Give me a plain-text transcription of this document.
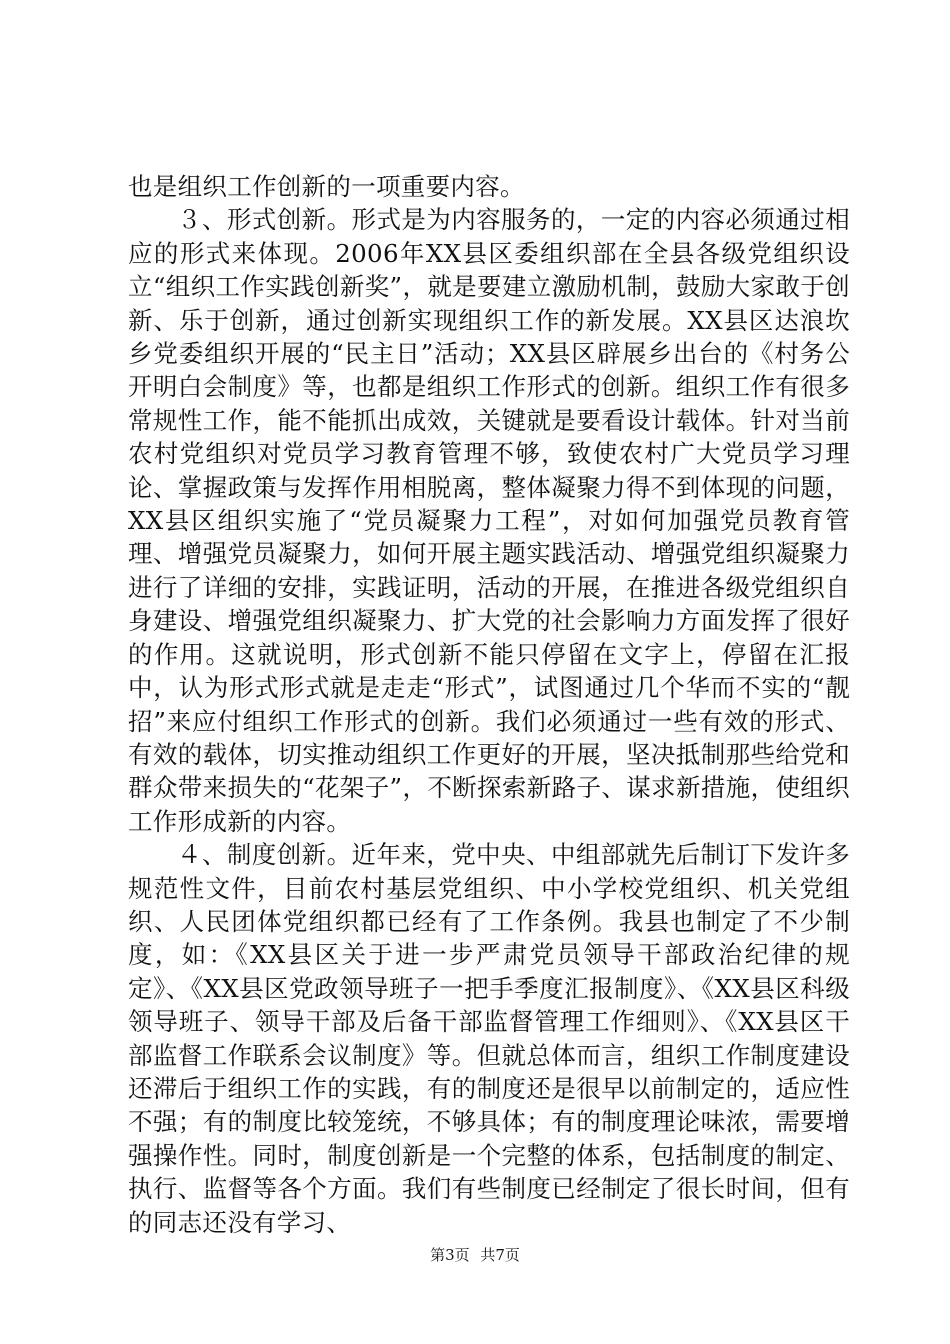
也是组织工作创新的一项重要内容。

３、形式创新。形式是为内容服务的，一定的内容必须通过相应的形式来体现。2006年XX县区委组织部在全县各级党组织设立“组织工作实践创新奖”，就是要建立激励机制，鼓励大家敢于创新、乐于创新，通过创新实现组织工作的新发展。XX县区达浪坎乡党委组织开展的“民主日”活动；XX县区辟展乡出台的《村务公开明白会制度》等，也都是组织工作形式的创新。组织工作有很多常规性工作，能不能抓出成效，关键就是要看设计载体。针对当前农村党组织对党员学习教育管理不够，致使农村广大党员学习理论、掌握政策与发挥作用相脱离，整体凝聚力得不到体现的问题，XX县区组织实施了“党员凝聚力工程”，对如何加强党员教育管理、增强党员凝聚力，如何开展主题实践活动、增强党组织凝聚力进行了详细的安排，实践证明，活动的开展，在推进各级党组织自身建设、增强党组织凝聚力、扩大党的社会影响力方面发挥了很好的作用。这就说明，形式创新不能只停留在文字上，停留在汇报中，认为形式形式就是走走“形式”，试图通过几个华而不实的“靓招”来应付组织工作形式的创新。我们必须通过一些有效的形式、有效的载体，切实推动组织工作更好的开展，坚决抵制那些给党和群众带来损失的“花架子”，不断探索新路子、谋求新措施，使组织工作形成新的内容。

４、制度创新。近年来，党中央、中组部就先后制订下发许多规范性文件，目前农村基层党组织、中小学校党组织、机关党组织、人民团体党组织都已经有了工作条例。我县也制定了不少制度，如：《XX县区关于进一步严肃党员领导干部政治纪律的规定》、《XX县区党政领导班子一把手季度汇报制度》、《XX县区科级领导班子、领导干部及后备干部监督管理工作细则》、《XX县区干部监督工作联系会议制度》等。但就总体而言，组织工作制度建设还滞后于组织工作的实践，有的制度还是很早以前制定的，适应性不强；有的制度比较笼统，不够具体；有的制度理论味浓，需要增强操作性。同时，制度创新是一个完整的体系，包括制度的制定、执行、监督等各个方面。我们有些制度已经制定了很长时间，但有的同志还没有学习、

第3页 共7页
